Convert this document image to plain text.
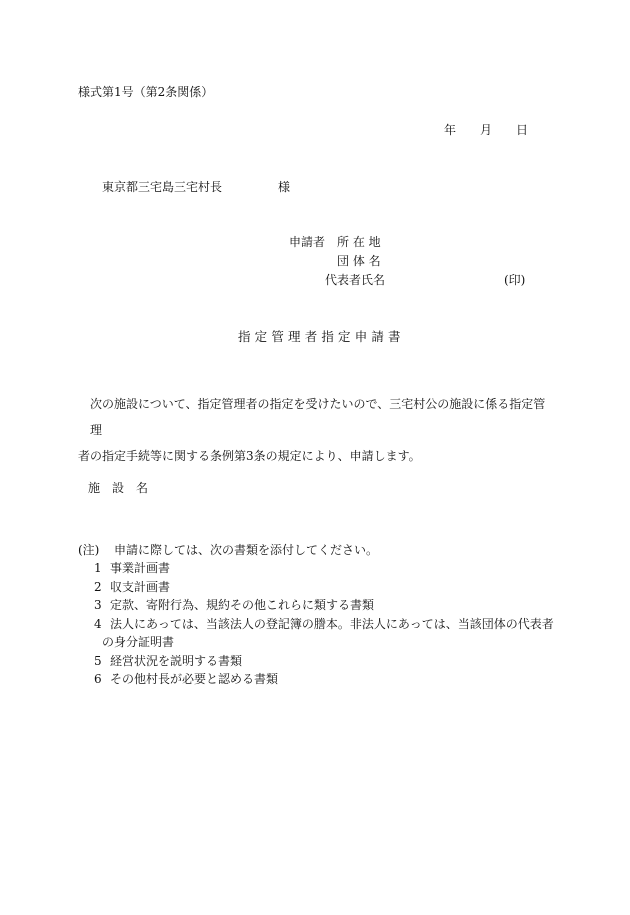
様式第1号（第2条関係）
年 月 日
東京都三宅島三宅村長	様
申請者 所 在 地
団 体 名
代表者氏名	(印)
指 定 管 理 者 指 定 申 請 書

次の施設について、指定管理者の指定を受けたいので、三宅村公の施設に係る指定管理

者の指定手続等に関する条例第3条の規定により、申請します。

施　設　名
(注) 申請に際しては、次の書類を添付してください。
1 事業計画書
2 収支計画書
3 定款、寄附行為、規約その他これらに類する書類
4 法人にあっては、当該法人の登記簿の謄本。非法人にあっては、当該団体の代表者
の身分証明書
5 経営状況を説明する書類
6 その他村長が必要と認める書類
